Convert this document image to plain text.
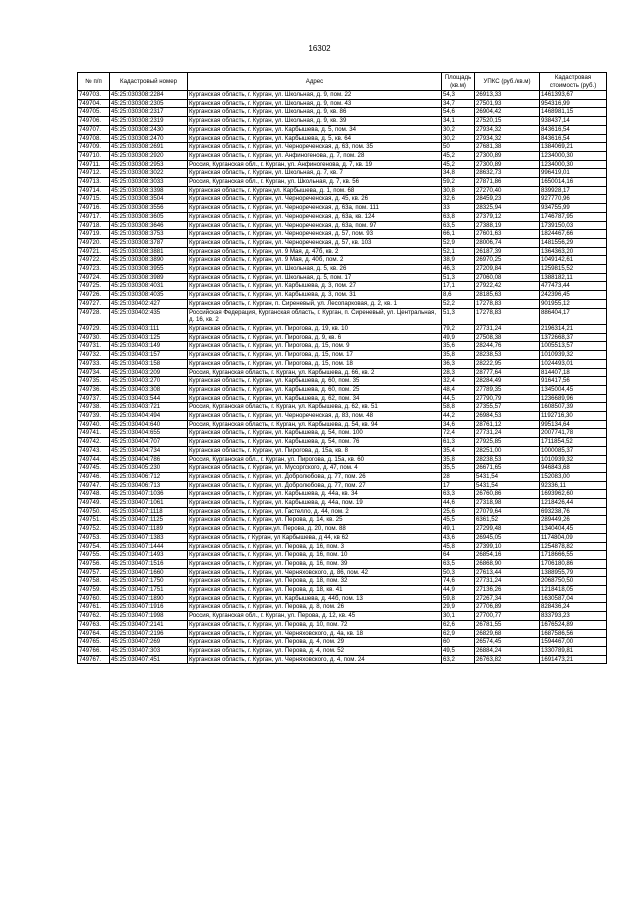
16302
№ п/п	Кадастровый номер	Адрес	Площадь (кв.м)	УПКС (руб./кв.м)	Кадастровая стоимость (руб.)
749703.	45:25:030308:2284	Курганская область, г. Курган, ул. Школьная, д. 9, пом. 22	54,3	26913,33	1461393,67
749704.	45:25:030308:2305	Курганская область, г. Курган, ул. Школьная, д. 9, пом. 43	34,7	27501,93	954316,99
749705.	45:25:030308:2317	Курганская область, г. Курган, ул. Школьная, д. 9, кв. 86	54,6	26904,42	1468981,15
749706.	45:25:030308:2319	Курганская область, г. Курган, ул. Школьная, д. 9, кв. 39	34,1	27520,15	938437,14
749707.	45:25:030308:2430	Курганская область, г. Курган, ул. Карбышева, д. 5, пом. 34	30,2	27934,32	843616,54
749708.	45:25:030308:2470	Курганская область, г. Курган, ул. Карбышева, д. 5, кв. 64	30,2	27934,32	843616,54
749709.	45:25:030308:2691	Курганская область, г. Курган, ул. Чернореченская, д. 63, пом. 35	50	27681,38	1384069,21
749710.	45:25:030308:2920	Курганская область, г. Курган, ул. Анфиногенова, д. 7, пом. 28	45,2	27300,89	1234000,30
749711.	45:25:030308:2953	Россия, Курганская обл., г. Курган, ул. Анфиногенова, д. 7, кв. 19	45,2	27300,89	1234000,30
749712.	45:25:030308:3022	Курганская область, г. Курган, ул. Школьная, д. 7, кв. 7	34,8	28632,73	996419,01
749713.	45:25:030308:3033	Россия, Курганская обл., г. Курган, ул. Школьная, д. 7, кв. 56	59,2	27871,86	1650014,16
749714.	45:25:030308:3398	Курганская область, г. Курган,ул. Карбышева, д. 1, пом. 68	30,8	27270,40	839928,17
749715.	45:25:030308:3504	Курганская область, г. Курган, ул. Чернореченская, д. 45, кв. 26	32,6	28459,23	927770,96
749716.	45:25:030308:3556	Курганская область, г. Курган, ул. Чернореченская, д. 63а, пом. 111	33	28325,94	934755,99
749717.	45:25:030308:3605	Курганская область, г. Курган, ул. Чернореченская, д. 63а, кв. 124	63,8	27379,12	1746787,95
749718.	45:25:030308:3646	Курганская область, г. Курган, ул. Чернореченская, д. 63а, пом. 97	63,5	27388,19	1739150,03
749719.	45:25:030308:3753	Курганская область, г. Курган, ул. Чернореченская, д. 57, пом. 93	66,1	27601,63	1824467,66
749720.	45:25:030308:3787	Курганская область, г. Курган, ул. Чернореченская, д. 57, кв. 103	52,9	28006,74	1481556,29
749721.	45:25:030308:3881	Курганская область, г. Курган, ул. 9 Мая, д. 47б, кв. 2	52,1	26187,39	1364363,20
749722.	45:25:030308:3890	Курганская область, г. Курган, ул. 9 Мая, д. 40б, пом. 2	38,9	26970,25	1049142,61
749723.	45:25:030308:3955	Курганская область, г. Курган, ул. Школьная, д. 5, кв. 26	46,3	27209,84	1259815,52
749724.	45:25:030308:3989	Курганская область, г. Курган, ул. Школьная, д. 5, пом. 17	51,3	27060,08	1388182,11
749725.	45:25:030308:4031	Курганская область, г. Курган, ул. Карбышева, д. 3, пом. 27	17,1	27922,42	477473,44
749726.	45:25:030308:4035	Курганская область, г. Курган, ул. Карбышева, д. 3, пом. 31	8,6	28185,63	242396,45
749727.	45:25:030402:427	Курганская область, г. Курган, п. Сиреневый, ул. Лесопарковая, д. 2, кв. 1	52,2	17278,83	901955,12
749728.	45:25:030402:435	Российская Федерация, Курганская область, г. Курган, п. Сиреневый, ул. Центральная, д. 16, кв. 2	51,3	17278,83	886404,17
749729.	45:25:030403:111	Курганская область, г. Курган, ул. Пирогова, д. 19, кв. 10	79,2	27731,24	2196314,21
749730.	45:25:030403:125	Курганская область, г. Курган, ул. Пирогова, д. 9, кв. 6	49,9	27508,38	1372668,37
749731.	45:25:030403:149	Курганская область, г. Курган, ул. Пирогова, д. 15, пом. 9	35,6	28244,76	1005513,57
749732.	45:25:030403:157	Курганская область, г. Курган, ул. Пирогова, д. 15, пом. 17	35,8	28238,53	1010939,32
749733.	45:25:030403:158	Курганская область, г. Курган, ул. Пирогова, д. 15, пом. 18	36,3	28222,95	1024493,01
749734.	45:25:030403:209	Россия, Курганская область, г. Курган, ул. Карбышева, д. 66, кв. 2	28,3	28777,64	814407,18
749735.	45:25:030403:270	Курганская область, г. Курган, ул. Карбышева, д. 60, пом. 35	32,4	28284,49	916417,56
749736.	45:25:030403:308	Курганская область, г. Курган, ул. Карбышева, д. 60, пом. 25	48,4	27789,35	1345004,45
749737.	45:25:030403:544	Курганская область, г. Курган, ул. Карбышева, д. 62, пом. 34	44,5	27790,79	1236689,96
749738.	45:25:030403:721	Россия, Курганская область, г. Курган, ул. Карбышева, д. 62, кв. 51	58,8	27355,57	1608507,39
749739.	45:25:030404:494	Курганская область, г. Курган, ул. Чернореченская, д. 83, пом. 48	44,2	26984,53	1192716,30
749740.	45:25:030404:640	Россия, Курганская область, г. Курган, ул. Карбышева, д. 54, кв. 94	34,6	28761,12	995134,64
749741.	45:25:030404:655	Курганская область, г. Курган, ул. Карбышева, д. 54, пом. 100	72,4	27731,24	2007741,78
749742.	45:25:030404:707	Курганская область, г. Курган, ул. Карбышева, д. 54, пом. 76	61,3	27925,85	1711854,52
749743.	45:25:030404:734	Курганская область, г. Курган, ул. Пирогова, д. 15а, кв. 8	35,4	28251,00	1000085,37
749744.	45:25:030404:786	Россия, Курганская обл., г. Курган, ул. Пирогова, д. 15а, кв. 60	35,8	28238,53	1010939,32
749745.	45:25:030405:230	Курганская область, г. Курган, ул. Мусоргского, д. 47, пом. 4	35,5	26671,65	946843,68
749746.	45:25:030406:712	Курганская область, г. Курган, ул. Добролюбова, д. 77, пом. 26	28	5431,54	152083,00
749747.	45:25:030406:713	Курганская область, г. Курган, ул. Добролюбова, д. 77, пом. 27	17	5431,54	92336,11
749748.	45:25:030407:1036	Курганская область, г. Курган, ул. Карбышева, д. 44а, кв. 34	63,3	26760,86	1693962,60
749749.	45:25:030407:1061	Курганская область, г. Курган, ул. Карбышева, д. 44а, пом. 19	44,6	27318,98	1218426,44
749750.	45:25:030407:1118	Курганская область, г. Курган, ул. Гастелло, д. 44, пом. 2	25,6	27079,64	693238,76
749751.	45:25:030407:1125	Курганская область, г. Курган, ул. Перова, д. 14, кв. 25	45,5	6361,52	289449,26
749752.	45:25:030407:1189	Курганская область, г. Курган,ул. Перова, д. 20, пом. 88	49,1	27299,48	1340404,45
749753.	45:25:030407:1383	Курганская область, г Курган, ул Карбышева, д 44, кв 62	43,6	26945,05	1174804,09
749754.	45:25:030407:1444	Курганская область, г. Курган, ул. Перова, д. 16, пом. 3	45,8	27399,10	1254878,82
749755.	45:25:030407:1493	Курганская область, г. Курган, ул. Перова, д. 16, пом. 10	64	26854,16	1718666,55
749756.	45:25:030407:1516	Курганская область, г. Курган, ул. Перова, д. 16, пом. 39	63,5	26868,90	1706180,86
749757.	45:25:030407:1660	Курганская область, г. Курган, ул. Черняховского, д. 86, пом. 42	50,3	27613,44	1388955,79
749758.	45:25:030407:1750	Курганская область, г. Курган, ул. Перова, д. 18, пом. 32	74,6	27731,24	2068750,50
749759.	45:25:030407:1751	Курганская область, г. Курган, ул. Перова, д. 18, кв. 41	44,9	27136,26	1218418,05
749760.	45:25:030407:1890	Курганская область, г. Курган, ул. Карбышева, д. 44б, пом. 13	59,8	27267,34	1630587,04
749761.	45:25:030407:1916	Курганская область, г. Курган, ул. Перова, д. 8, пом. 26	29,9	27706,89	828436,24
749762.	45:25:030407:1998	Россия, Курганская обл., г. Курган, ул. Перова, д. 12, кв. 45	30,1	27700,77	833793,23
749763.	45:25:030407:2141	Курганская область, г. Курган, ул. Перова, д. 10, пом. 72	62,6	26781,55	1676524,89
749764.	45:25:030407:2196	Курганская область, г. Курган, ул. Черняховского, д. 4а, кв. 18	62,9	26829,68	1687586,56
749765.	45:25:030407:269	Курганская область, г. Курган, ул. Перова, д. 4, пом. 29	60	26574,45	1594467,00
749766.	45:25:030407:303	Курганская область, г. Курган, ул. Перова, д. 4, пом. 52	49,5	26884,24	1330789,81
749767.	45:25:030407:451	Курганская область, г. Курган, ул. Черняховского, д. 4, пом. 24	63,2	26763,82	1691473,21
